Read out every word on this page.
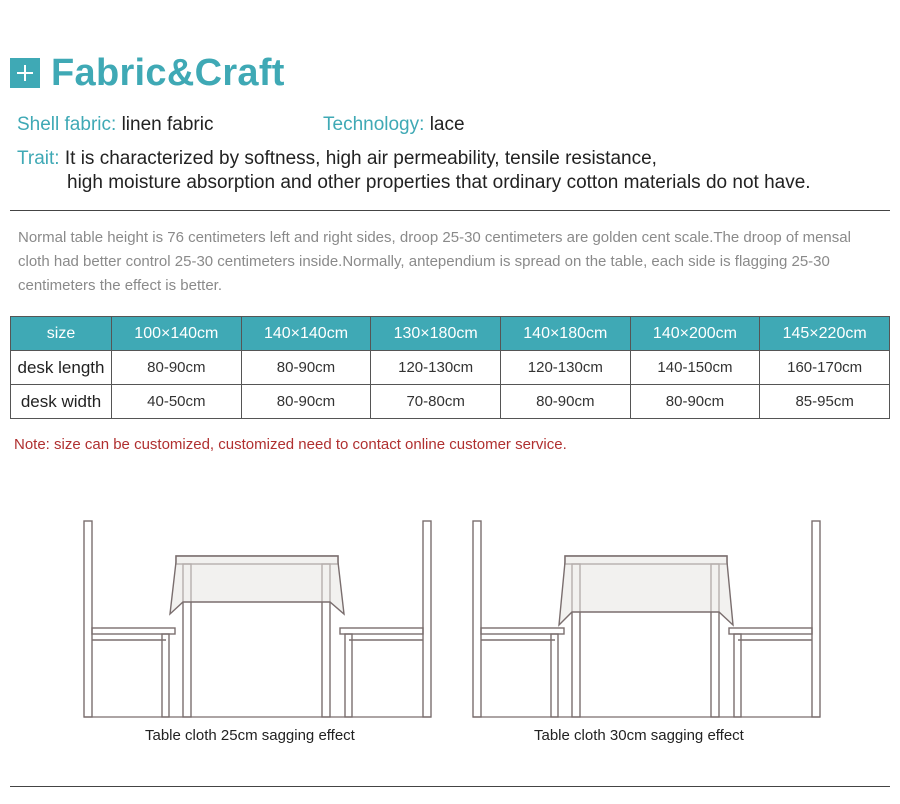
Fabric&Craft
Shell fabric: linen fabric	Technology: lace
Trait: It is characterized by softness, high air permeability, tensile resistance,
high moisture absorption and other properties that ordinary cotton materials do not have.
Normal table height is 76 centimeters left and right sides, droop 25-30 centimeters are golden cent scale.The droop of mensal cloth had better control 25-30 centimeters inside.Normally, antependium is spread on the table, each side is flagging 25-30 centimeters the effect is better.
size	100×140cm	140×140cm	130×180cm	140×180cm	140×200cm	145×220cm
desk length	80-90cm	80-90cm	120-130cm	120-130cm	140-150cm	160-170cm
desk width	40-50cm	80-90cm	70-80cm	80-90cm	80-90cm	85-95cm
Note: size can be customized, customized need to contact online customer service.
Table cloth 25cm sagging effect	Table cloth 30cm sagging effect
